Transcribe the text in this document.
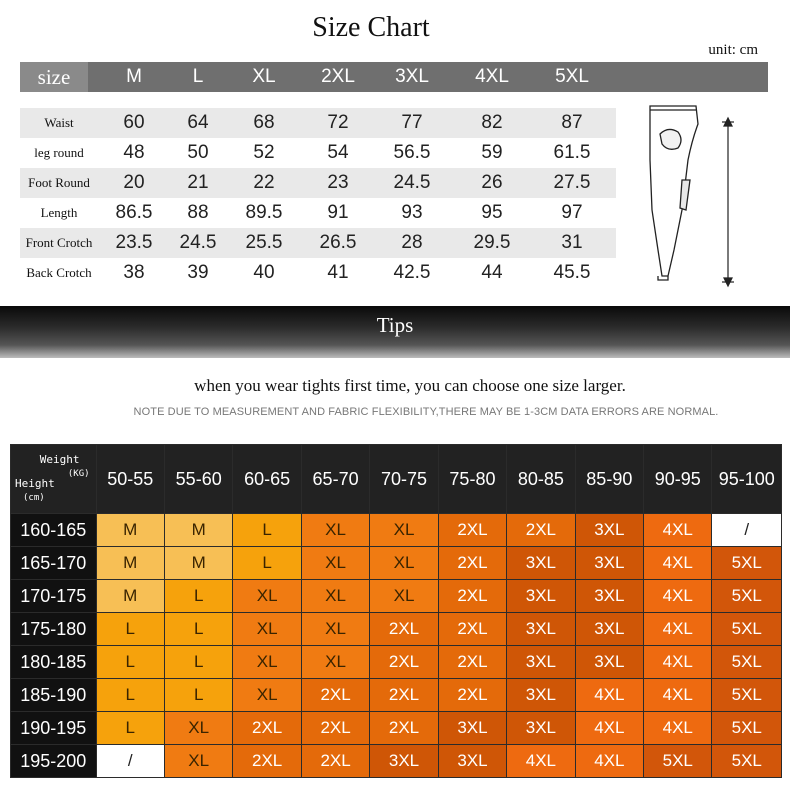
Size Chart
unit: cm
size	M	L	XL	2XL	3XL	4XL	5XL
Waist	60	64	68	72	77	82	87
leg round	48	50	52	54	56.5	59	61.5
Foot Round	20	21	22	23	24.5	26	27.5
Length	86.5	88	89.5	91	93	95	97
Front Crotch	23.5	24.5	25.5	26.5	28	29.5	31
Back Crotch	38	39	40	41	42.5	44	45.5
Tips
when you wear tights first time, you can choose one size larger.
NOTE DUE TO MEASUREMENT AND FABRIC FLEXIBILITY,THERE MAY BE 1-3CM DATA ERRORS ARE NORMAL.
Weight
(KG)
Height
(cm)	50-55	55-60	60-65	65-70	70-75	75-80	80-85	85-90	90-95	95-100
160-165	M	M	L	XL	XL	2XL	2XL	3XL	4XL	/
165-170	M	M	L	XL	XL	2XL	3XL	3XL	4XL	5XL
170-175	M	L	XL	XL	XL	2XL	3XL	3XL	4XL	5XL
175-180	L	L	XL	XL	2XL	2XL	3XL	3XL	4XL	5XL
180-185	L	L	XL	XL	2XL	2XL	3XL	3XL	4XL	5XL
185-190	L	L	XL	2XL	2XL	2XL	3XL	4XL	4XL	5XL
190-195	L	XL	2XL	2XL	2XL	3XL	3XL	4XL	4XL	5XL
195-200	/	XL	2XL	2XL	3XL	3XL	4XL	4XL	5XL	5XL
